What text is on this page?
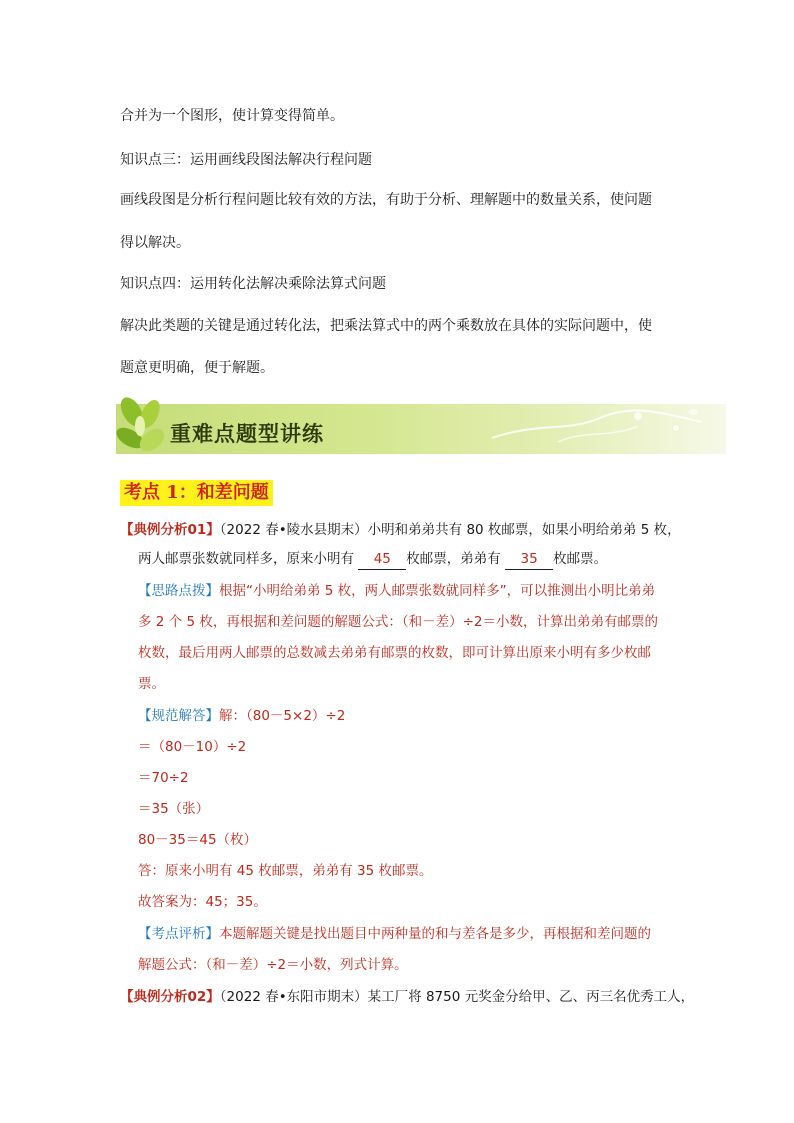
合并为一个图形，使计算变得简单。

知识点三：运用画线段图法解决行程问题

画线段图是分析行程问题比较有效的方法，有助于分析、理解题中的数量关系，使问题

得以解决。

知识点四：运用转化法解决乘除法算式问题

解决此类题的关键是通过转化法，把乘法算式中的两个乘数放在具体的实际问题中，使

题意更明确，便于解题。

重难点题型讲练
考点 1：和差问题

【典例分析01】（2022 春•陵水县期末）小明和弟弟共有 80 枚邮票，如果小明给弟弟 5 枚，

两人邮票张数就同样多，原来小明有 45 枚邮票，弟弟有 35 枚邮票。

【思路点拨】根据“小明给弟弟 5 枚，两人邮票张数就同样多”，可以推测出小明比弟弟

多 2 个 5 枚，再根据和差问题的解题公式：（和－差）÷2＝小数，计算出弟弟有邮票的

枚数，最后用两人邮票的总数减去弟弟有邮票的枚数，即可计算出原来小明有多少枚邮

票。

【规范解答】解：（80－5×2）÷2

＝（80－10）÷2

＝70÷2

＝35（张）

80－35＝45（枚）

答：原来小明有 45 枚邮票，弟弟有 35 枚邮票。

故答案为：45；35。

【考点评析】本题解题关键是找出题目中两种量的和与差各是多少，再根据和差问题的

解题公式：（和－差）÷2＝小数，列式计算。

【典例分析02】（2022 春•东阳市期末）某工厂将 8750 元奖金分给甲、乙、丙三名优秀工人，
